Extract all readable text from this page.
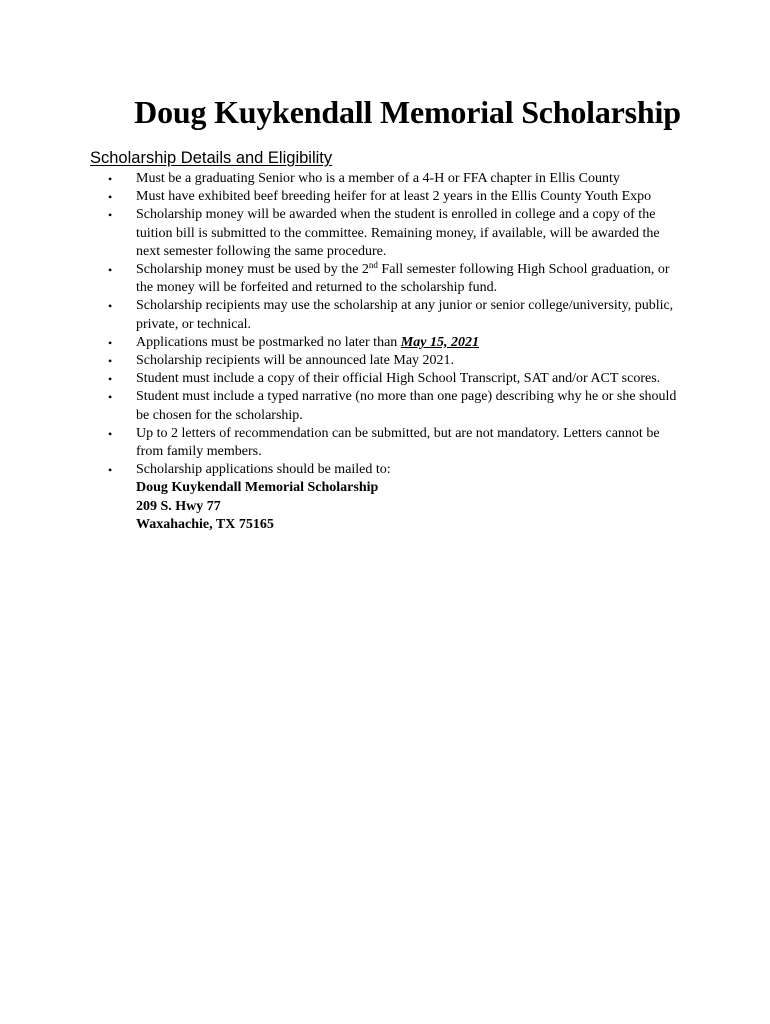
Doug Kuykendall Memorial Scholarship
Scholarship Details and Eligibility
• Must be a graduating Senior who is a member of a 4-H or FFA chapter in Ellis County
• Must have exhibited beef breeding heifer for at least 2 years in the Ellis County Youth Expo
• Scholarship money will be awarded when the student is enrolled in college and a copy of the tuition bill is submitted to the committee. Remaining money, if available, will be awarded the next semester following the same procedure.
• Scholarship money must be used by the 2nd Fall semester following High School graduation, or the money will be forfeited and returned to the scholarship fund.
• Scholarship recipients may use the scholarship at any junior or senior college/university, public, private, or technical.
• Applications must be postmarked no later than May 15, 2021
• Scholarship recipients will be announced late May 2021.
• Student must include a copy of their official High School Transcript, SAT and/or ACT scores.
• Student must include a typed narrative (no more than one page) describing why he or she should be chosen for the scholarship.
• Up to 2 letters of recommendation can be submitted, but are not mandatory. Letters cannot be from family members.
• Scholarship applications should be mailed to:
Doug Kuykendall Memorial Scholarship
209 S. Hwy 77
Waxahachie, TX 75165
